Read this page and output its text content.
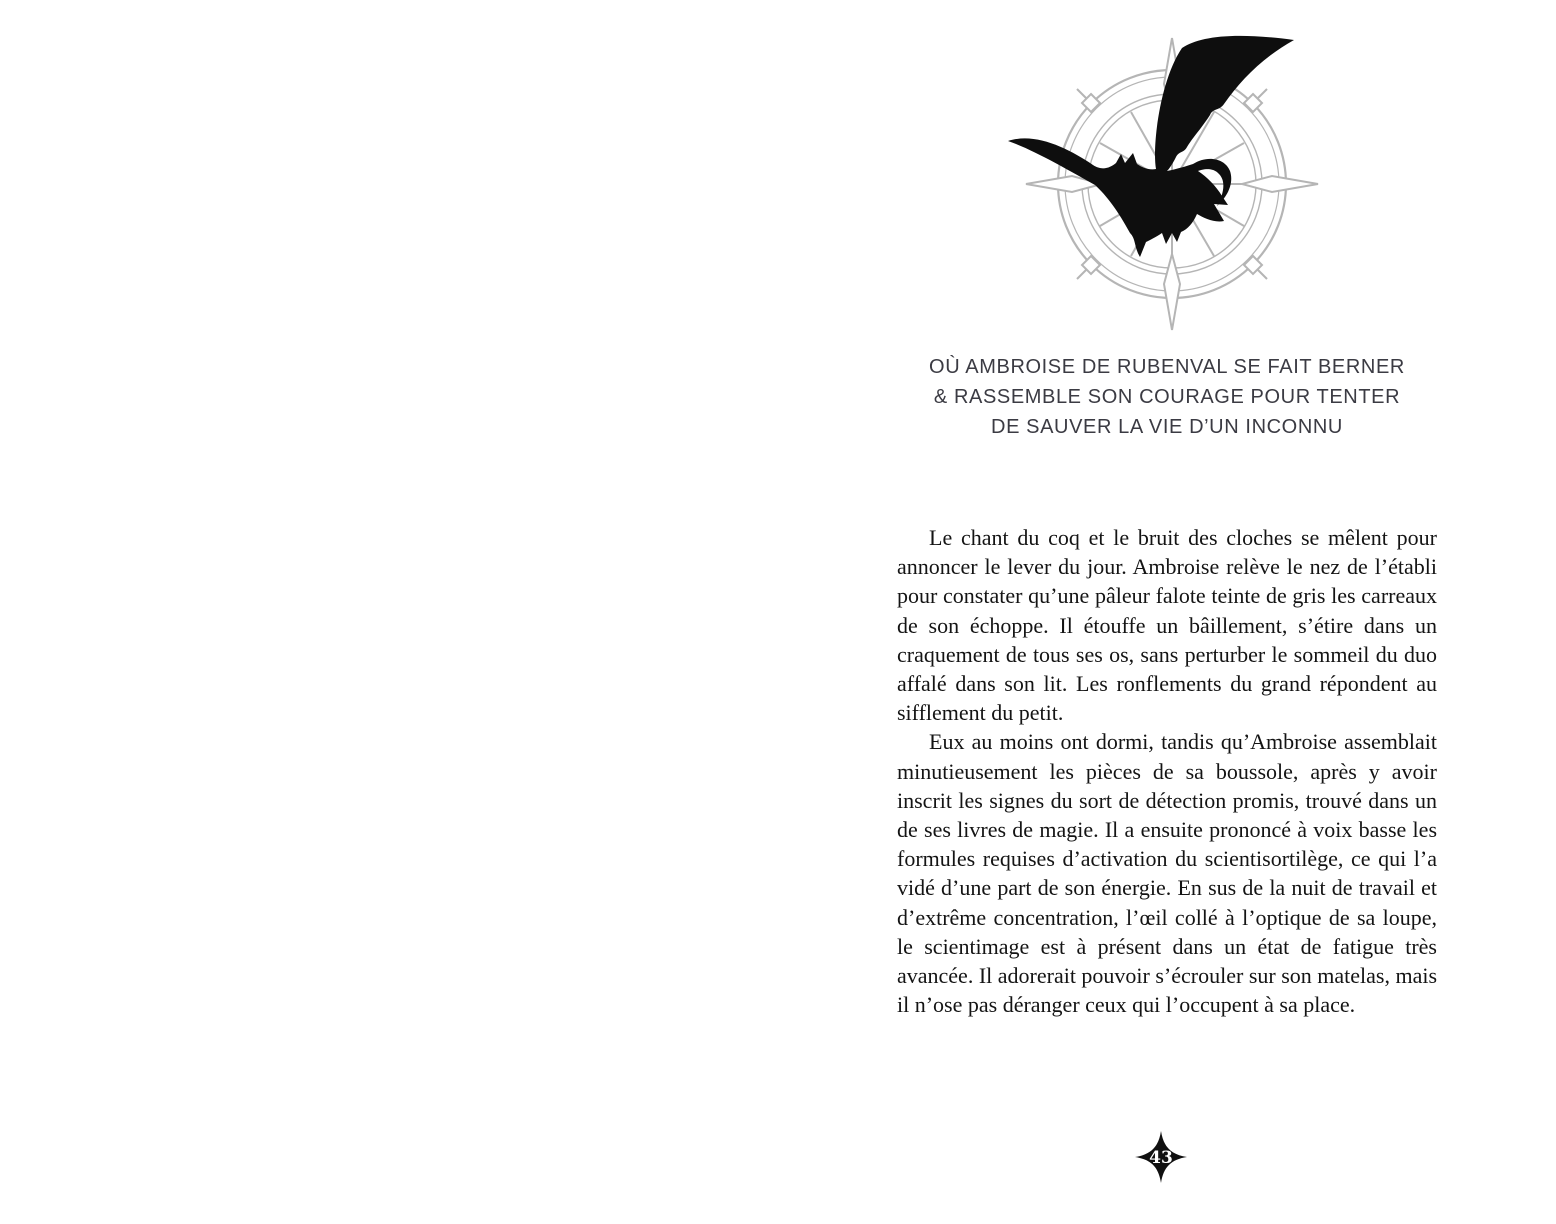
OÙ AMBROISE DE RUBENVAL SE FAIT BERNER
& RASSEMBLE SON COURAGE POUR TENTER
DE SAUVER LA VIE D’UN INCONNU

Le chant du coq et le bruit des cloches se mêlent pour annoncer le lever du jour. Ambroise relève le nez de l’établi pour constater qu’une pâleur falote teinte de gris les carreaux de son échoppe. Il étouffe un bâillement, s’étire dans un craquement de tous ses os, sans perturber le sommeil du duo affalé dans son lit. Les ronflements du grand répondent au sifflement du petit.

Eux au moins ont dormi, tandis qu’Ambroise assemblait minutieusement les pièces de sa boussole, après y avoir inscrit les signes du sort de détection promis, trouvé dans un de ses livres de magie. Il a ensuite prononcé à voix basse les formules requises d’activation du scientisortilège, ce qui l’a vidé d’une part de son énergie. En sus de la nuit de travail et d’extrême concentration, l’œil collé à l’optique de sa loupe, le scientimage est à présent dans un état de fatigue très avancée. Il adorerait pouvoir s’écrouler sur son matelas, mais il n’ose pas déranger ceux qui l’occupent à sa place.

43
